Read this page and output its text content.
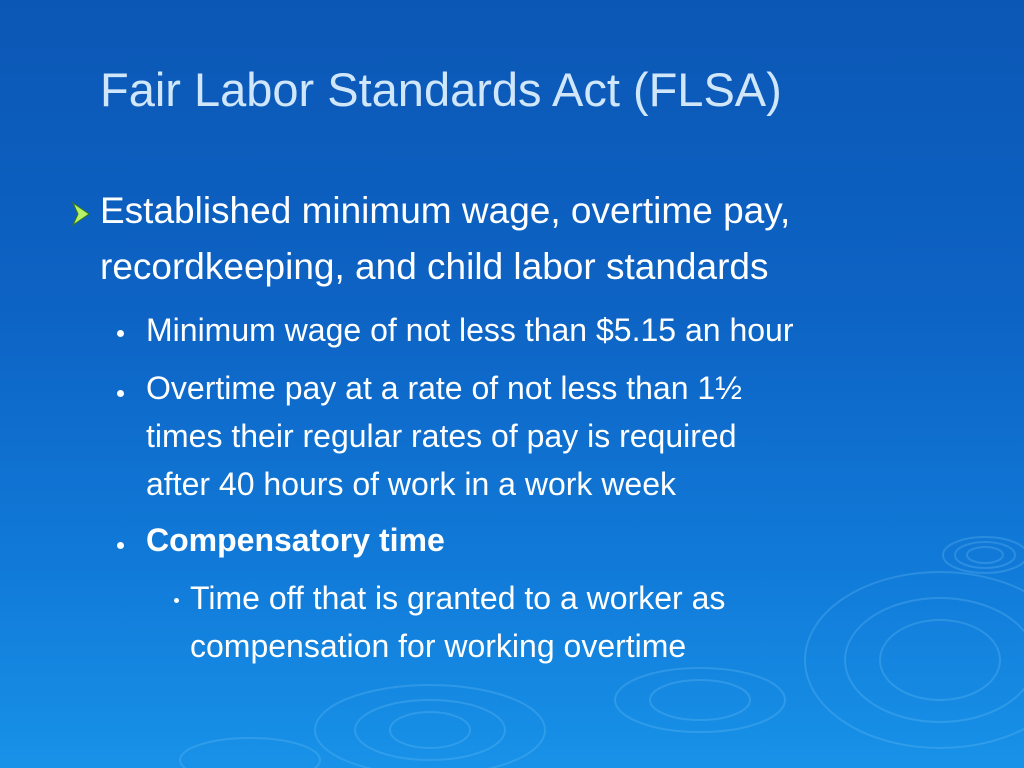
Fair Labor Standards Act (FLSA)
Established minimum wage, overtime pay,
recordkeeping, and child labor standards
Minimum wage of not less than $5.15 an hour
Overtime pay at a rate of not less than 1½
times their regular rates of pay is required
after 40 hours of work in a work week
Compensatory time
Time off that is granted to a worker as
compensation for working overtime
